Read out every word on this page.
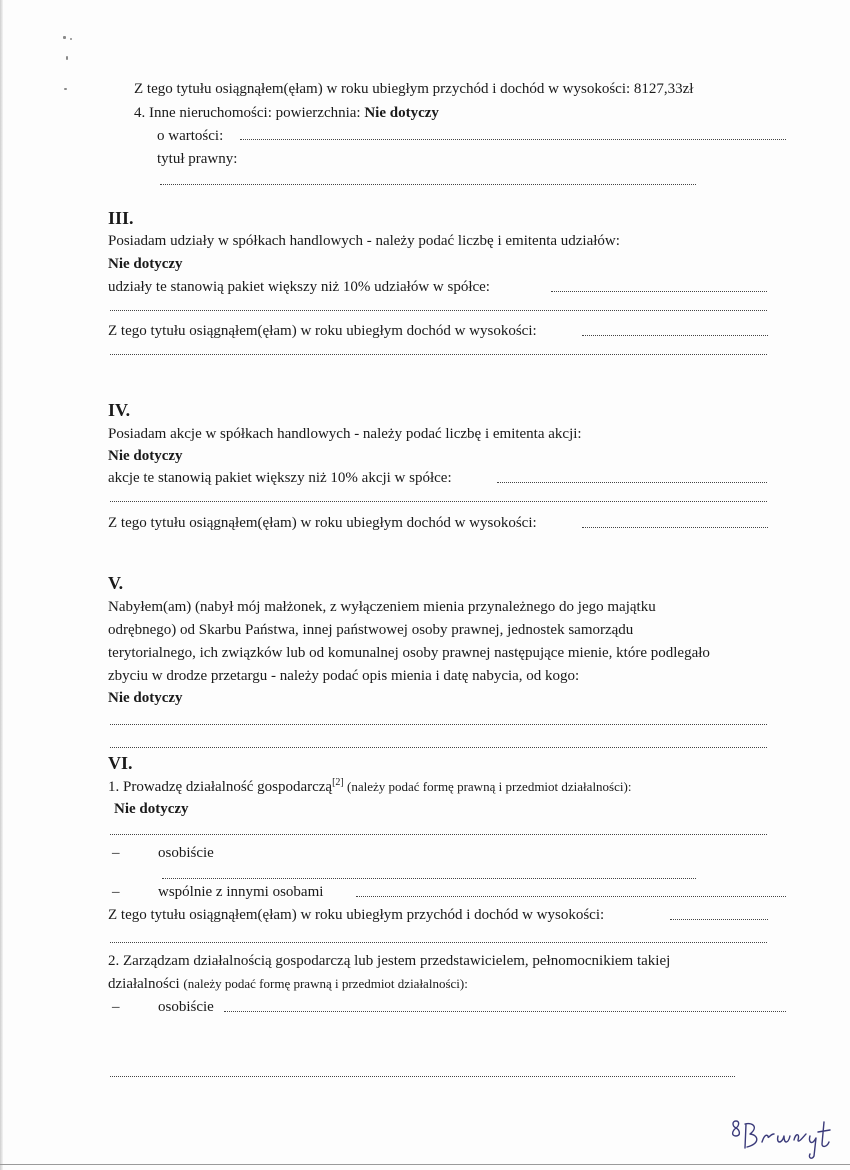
Z tego tytułu osiągnąłem(ęłam) w roku ubiegłym przychód i dochód w wysokości: 8127,33zł
4. Inne nieruchomości: powierzchnia: Nie dotyczy
o wartości:
tytuł prawny:
III.
Posiadam udziały w spółkach handlowych - należy podać liczbę i emitenta udziałów:
Nie dotyczy
udziały te stanowią pakiet większy niż 10% udziałów w spółce:
Z tego tytułu osiągnąłem(ęłam) w roku ubiegłym dochód w wysokości:
IV.
Posiadam akcje w spółkach handlowych - należy podać liczbę i emitenta akcji:
Nie dotyczy
akcje te stanowią pakiet większy niż 10% akcji w spółce:
Z tego tytułu osiągnąłem(ęłam) w roku ubiegłym dochód w wysokości:
V.
Nabyłem(am) (nabył mój małżonek, z wyłączeniem mienia przynależnego do jego majątku
odrębnego) od Skarbu Państwa, innej państwowej osoby prawnej, jednostek samorządu
terytorialnego, ich związków lub od komunalnej osoby prawnej następujące mienie, które podlegało
zbyciu w drodze przetargu - należy podać opis mienia i datę nabycia, od kogo:
Nie dotyczy
VI.
1. Prowadzę działalność gospodarczą[2] (należy podać formę prawną i przedmiot działalności):
Nie dotyczy
–	osobiście
–	wspólnie z innymi osobami
Z tego tytułu osiągnąłem(ęłam) w roku ubiegłym przychód i dochód w wysokości:
2. Zarządzam działalnością gospodarczą lub jestem przedstawicielem, pełnomocnikiem takiej
działalności (należy podać formę prawną i przedmiot działalności):
–	osobiście
